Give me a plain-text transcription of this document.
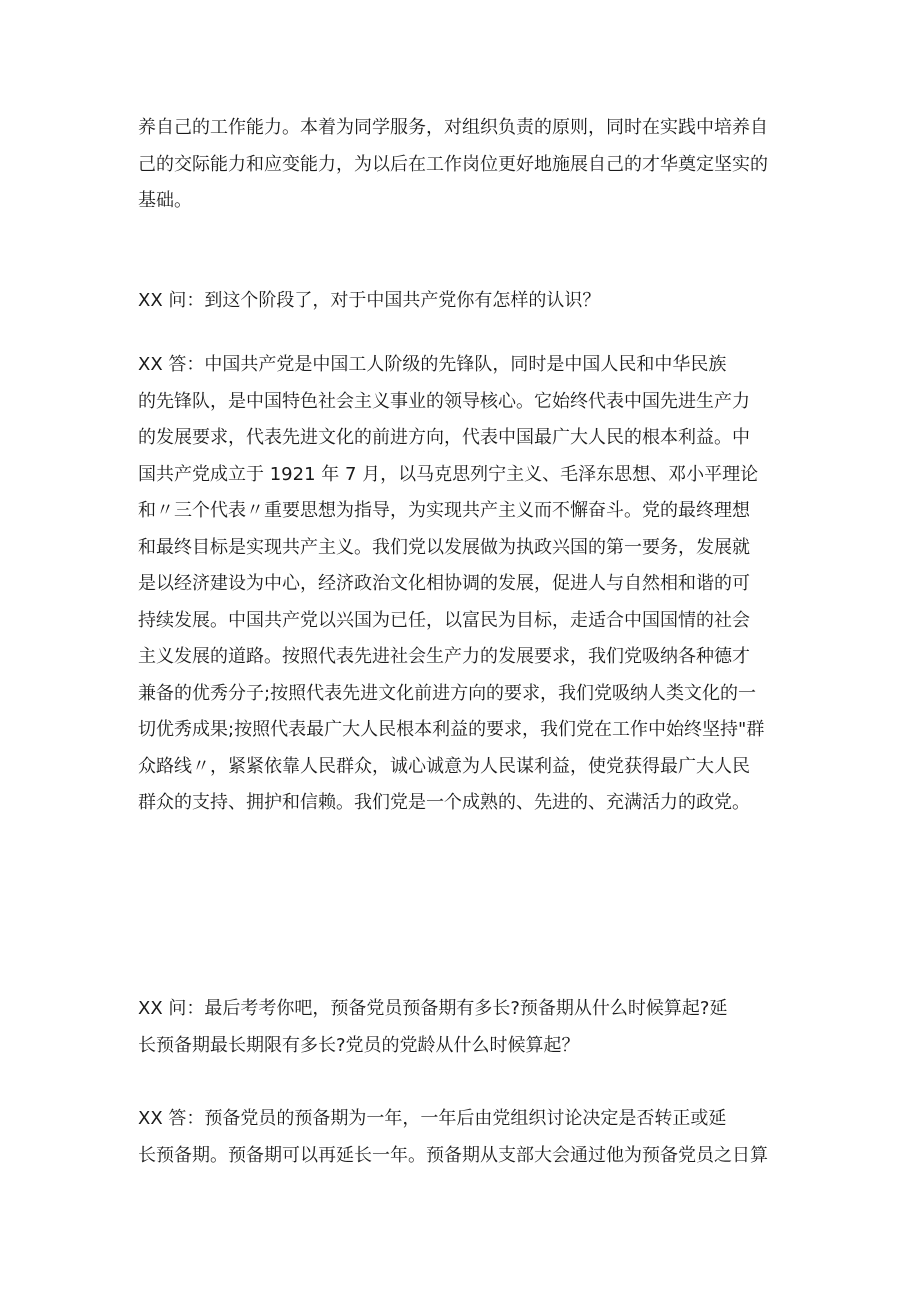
养自己的工作能力。本着为同学服务，对组织负责的原则，同时在实践中培养自
己的交际能力和应变能力，为以后在工作岗位更好地施展自己的才华奠定坚实的
基础。

XX 问：到这个阶段了，对于中国共产党你有怎样的认识？

XX 答：中国共产党是中国工人阶级的先锋队，同时是中国人民和中华民族
的先锋队，是中国特色社会主义事业的领导核心。它始终代表中国先进生产力
的发展要求，代表先进文化的前进方向，代表中国最广大人民的根本利益。中
国共产党成立于 1921 年 7 月，以马克思列宁主义、毛泽东思想、邓小平理论
和〃三个代表〃重要思想为指导，为实现共产主义而不懈奋斗。党的最终理想
和最终目标是实现共产主义。我们党以发展做为执政兴国的第一要务，发展就
是以经济建设为中心，经济政治文化相协调的发展，促进人与自然相和谐的可
持续发展。中国共产党以兴国为已任，以富民为目标，走适合中国国情的社会
主义发展的道路。按照代表先进社会生产力的发展要求，我们党吸纳各种德才
兼备的优秀分子;按照代表先进文化前进方向的要求，我们党吸纳人类文化的一
切优秀成果;按照代表最广大人民根本利益的要求，我们党在工作中始终坚持"群
众路线〃，紧紧依靠人民群众，诚心诚意为人民谋利益，使党获得最广大人民
群众的支持、拥护和信赖。我们党是一个成熟的、先进的、充满活力的政党。

XX 问：最后考考你吧，预备党员预备期有多长?预备期从什么时候算起?延
长预备期最长期限有多长?党员的党龄从什么时候算起？

XX 答：预备党员的预备期为一年，一年后由党组织讨论决定是否转正或延
长预备期。预备期可以再延长一年。预备期从支部大会通过他为预备党员之日算
